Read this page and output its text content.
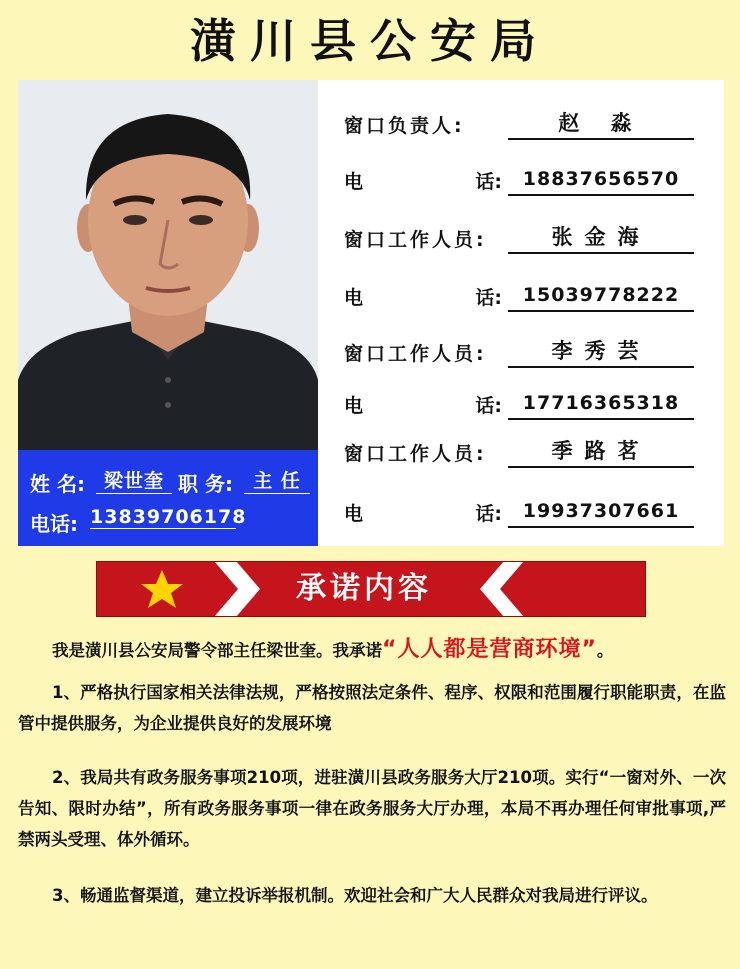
潢川县公安局
姓 名:	梁世奎 职 务:	主 任
电话: 13839706178
窗口负责人:	赵 淼
电	话:	18837656570
窗口工作人员:	张金海
电	话:	15039778222
窗口工作人员:	李秀芸
电	话:	17716365318
窗口工作人员:	季路茗
电	话:	19937307661
承诺内容
我是潢川县公安局警令部主任梁世奎。我承诺“人人都是营商环境”。
1、严格执行国家相关法律法规，严格按照法定条件、程序、权限和范围履行职能职责，在监管中提供服务，为企业提供良好的发展环境
2、我局共有政务服务事项210项，进驻潢川县政务服务大厅210项。实行“一窗对外、一次告知、限时办结”，所有政务服务事项一律在政务服务大厅办理，本局不再办理任何审批事项,严禁两头受理、体外循环。
3、畅通监督渠道，建立投诉举报机制。欢迎社会和广大人民群众对我局进行评议。
